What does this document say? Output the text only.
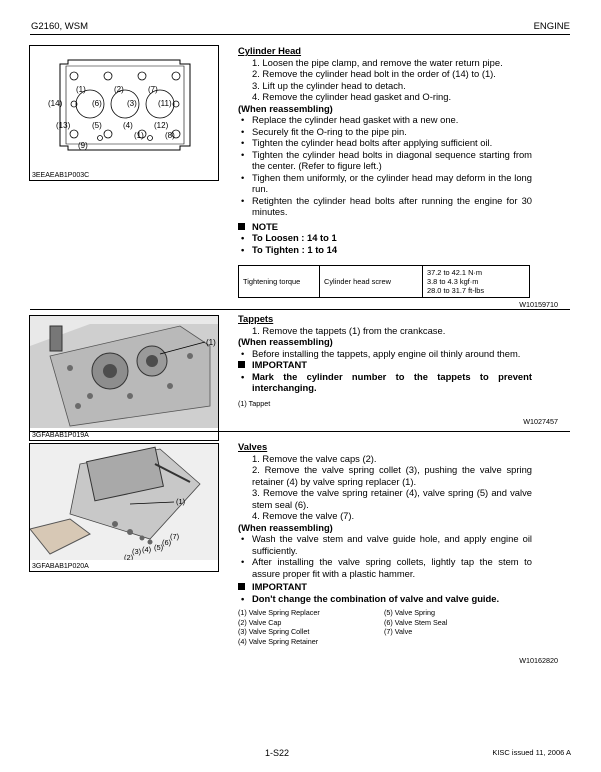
G2160, WSM	ENGINE
(1)	(2)	(7)
(14)	(6)	(3)	(11)
(13)	(5)	(4)	(12)
(1)	(8)
(9)
3EEAEAB1P003C
Cylinder Head
1. Loosen the pipe clamp, and remove the water return pipe.
2. Remove the cylinder head bolt in the order of (14) to (1).
3. Lift up the cylinder head to detach.
4. Remove the cylinder head gasket and O-ring.
(When reassembling)
• Replace the cylinder head gasket with a new one.
• Securely fit the O-ring to the pipe pin.
• Tighten the cylinder head bolts after applying sufficient oil.
• Tighten the cylinder head bolts in diagonal sequence starting from the center. (Refer to figure left.)
• Tighen them uniformly, or the cylinder head may deform in the long run.
• Retighten the cylinder head bolts after running the engine for 30 minutes.
NOTE
• To Loosen : 14 to 1
• To Tighten : 1 to 14
Tightening torque	Cylinder head screw	
37.2 to 42.1 N·m
3.8 to 4.3 kgf·m
28.0 to 31.7 ft-lbs
W10159710
(1)
3GFABAB1P019A
Tappets
1. Remove the tappets (1) from the crankcase.
(When reassembling)
• Before installing the tappets, apply engine oil thinly around them.
IMPORTANT
• Mark the cylinder number to the tappets to prevent interchanging.
(1) Tappet
W1027457
(1)
(7)
(6)
(5)
(4)
(3)
(2)
3GFABAB1P020A
Valves
1. Remove the valve caps (2).
2. Remove the valve spring collet (3), pushing the valve spring retainer (4) by valve spring replacer (1).
3. Remove the valve spring retainer (4), valve spring (5) and valve stem seal (6).
4. Remove the valve (7).
(When reassembling)
• Wash the valve stem and valve guide hole, and apply engine oil sufficiently.
• After installing the valve spring collets, lightly tap the stem to assure proper fit with a plastic hammer.
IMPORTANT
• Don't change the combination of valve and valve guide.
(1) Valve Spring Replacer
(2) Valve Cap
(3) Valve Spring Collet
(4) Valve Spring Retainer
(5) Valve Spring
(6) Valve Stem Seal
(7) Valve
W10162820
1-S22	KISC issued 11, 2006 A
